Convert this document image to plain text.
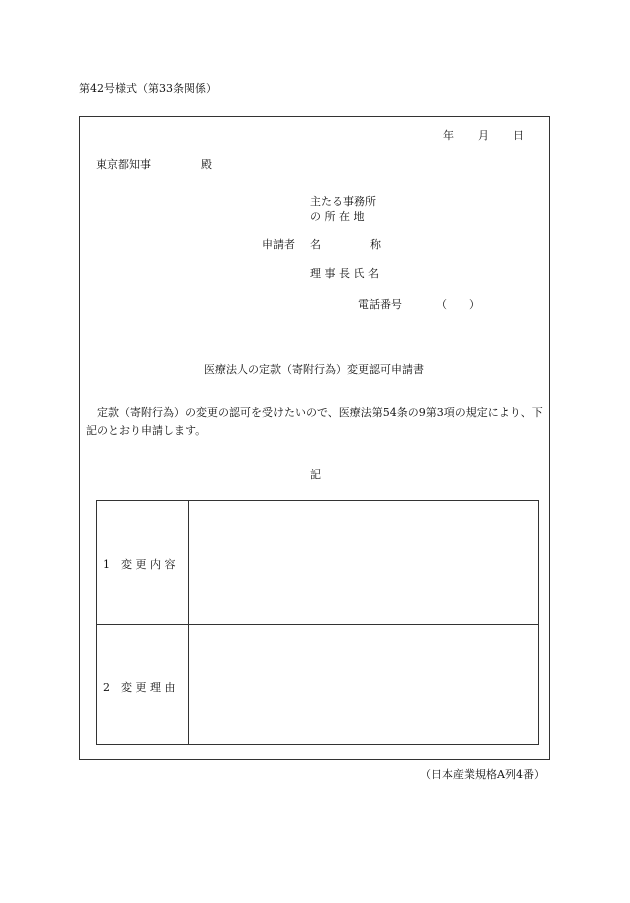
第42号様式（第33条関係）
年 月 日
東京都知事	殿
主たる事務所
の 所 在 地
申請者 名	称
理 事 長 氏 名
電話番号	（　　）
医療法人の定款（寄附行為）変更認可申請書
定款（寄附行為）の変更の認可を受けたいので、医療法第54条の9第3項の規定により、下記のとおり申請します。
記
1　変 更 内 容
2　変 更 理 由
（日本産業規格A列4番）
